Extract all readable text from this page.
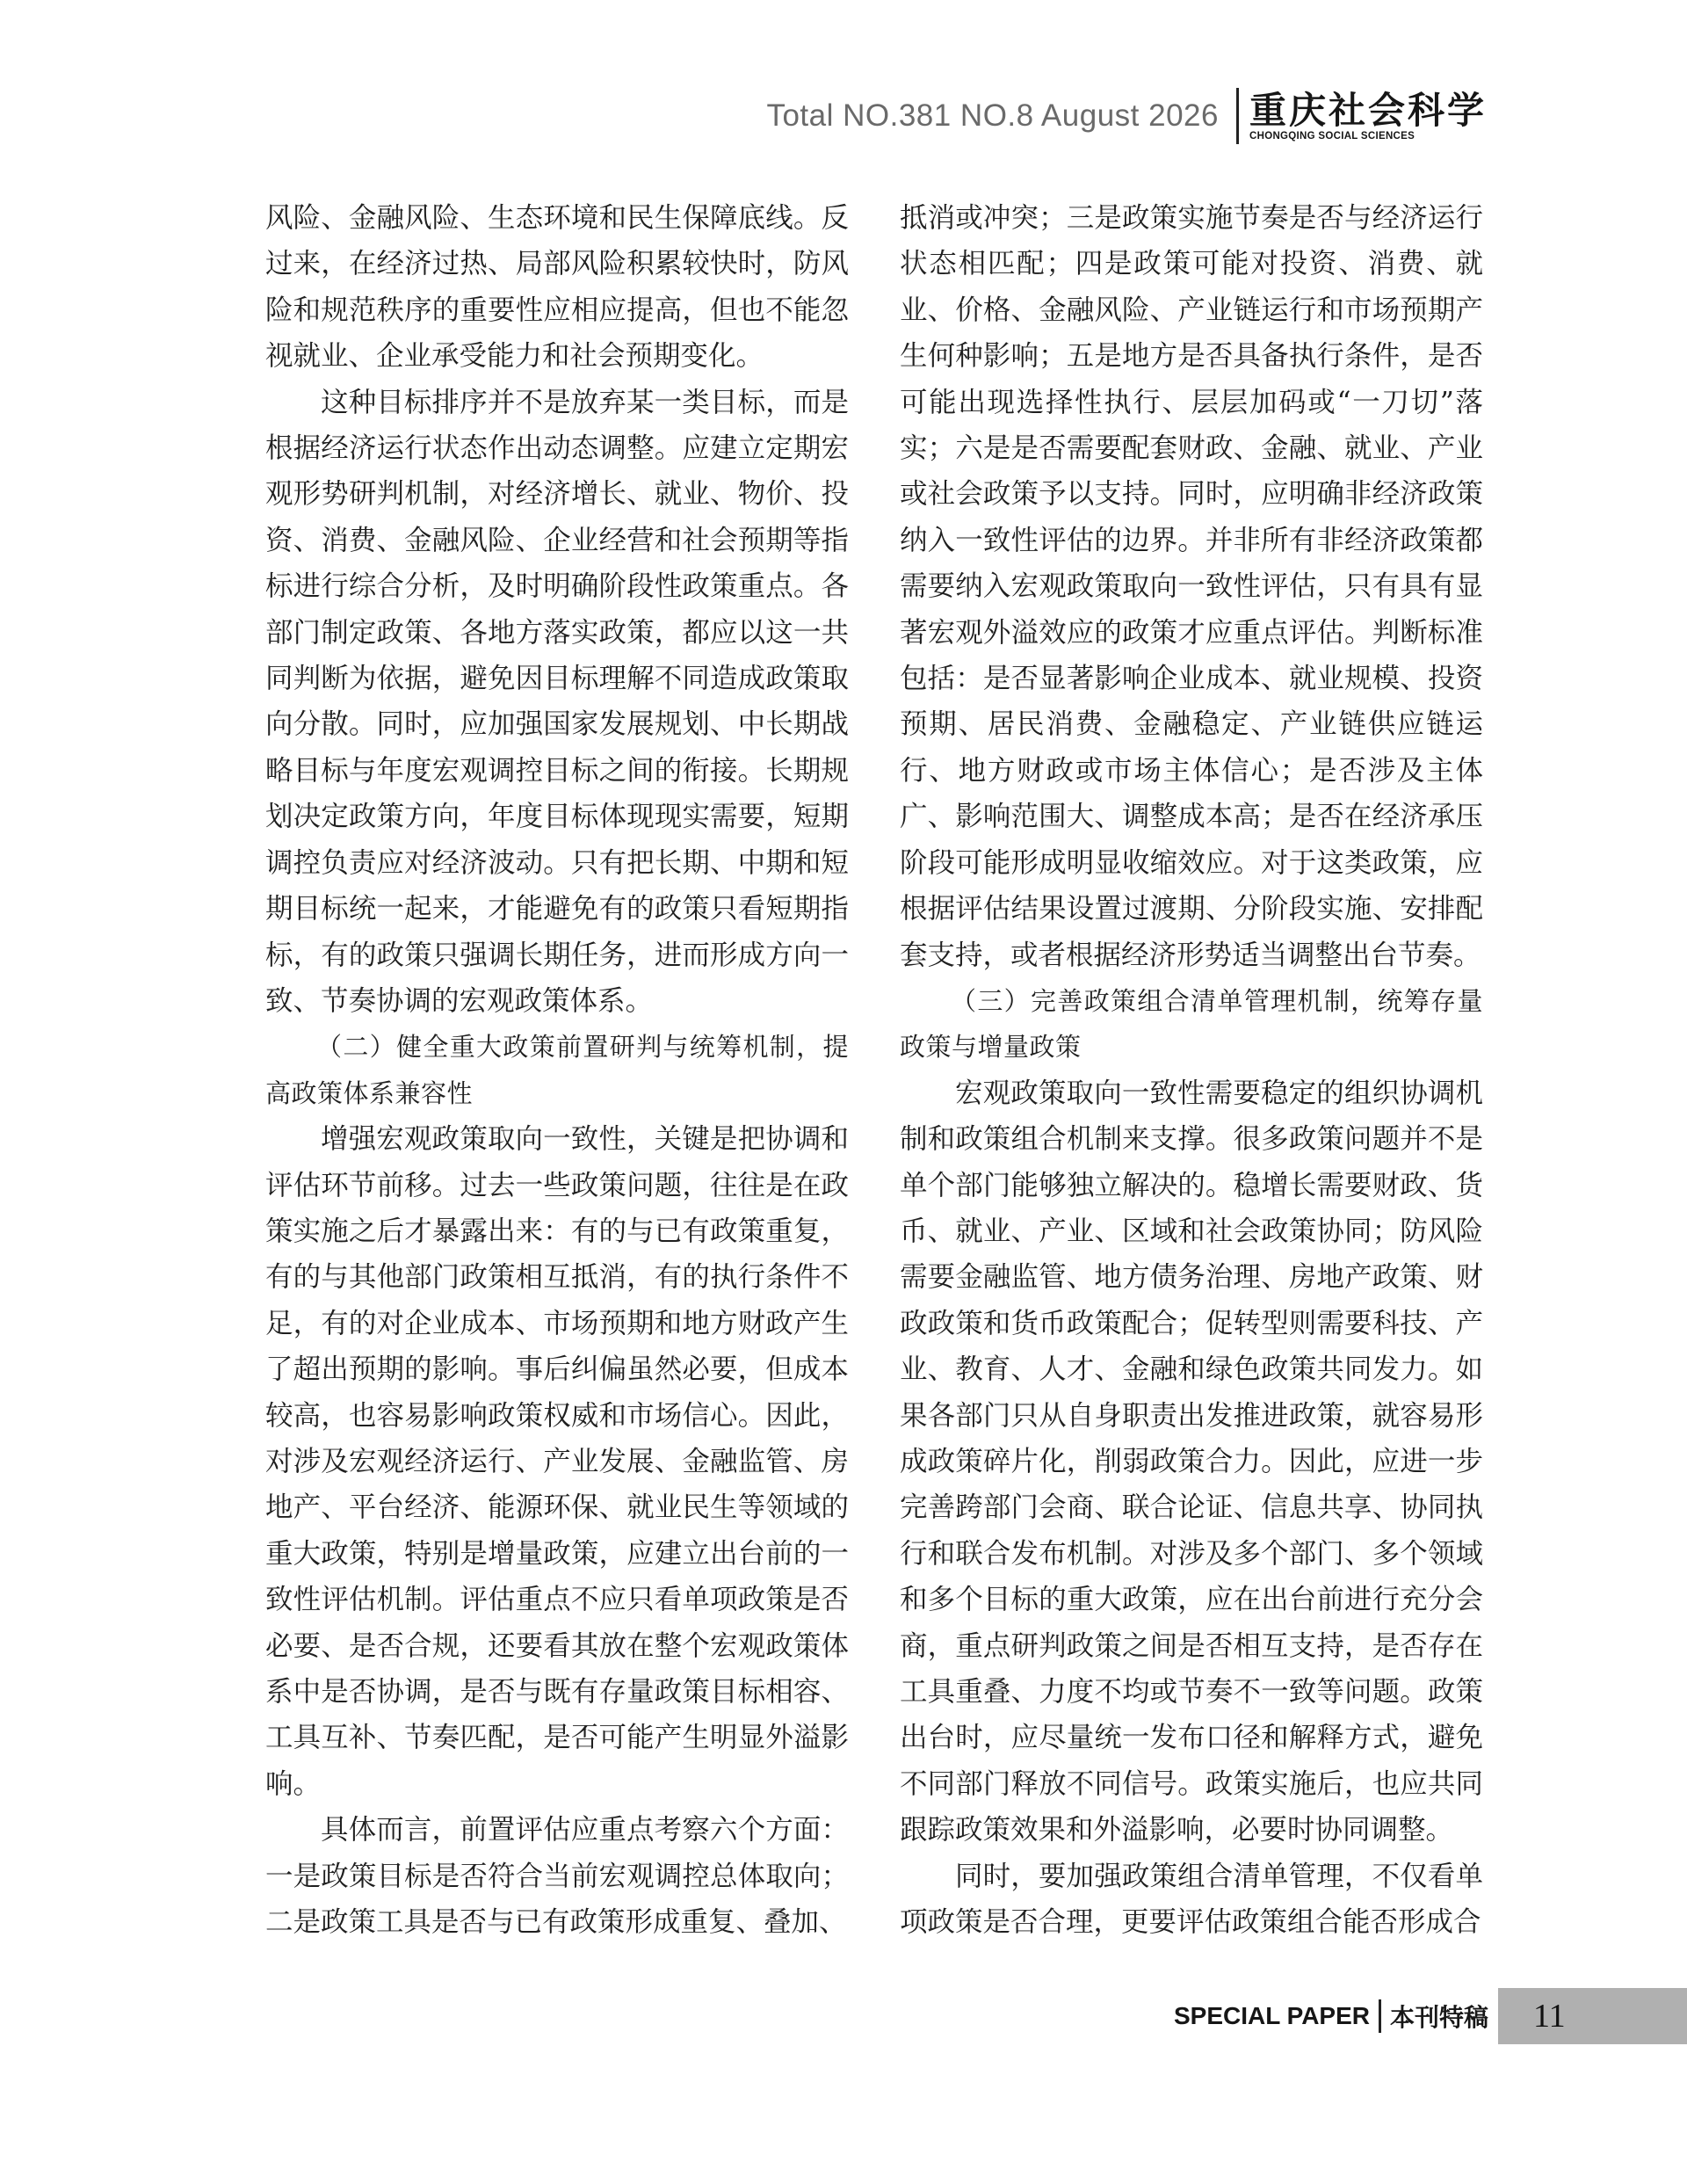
Total NO.381 NO.8 August 2026 重庆社会科学
CHONGQING SOCIAL SCIENCES

风险、金融风险、生态环境和民生保障底线。反过来，在经济过热、局部风险积累较快时，防风险和规范秩序的重要性应相应提高，但也不能忽视就业、企业承受能力和社会预期变化。

这种目标排序并不是放弃某一类目标，而是根据经济运行状态作出动态调整。应建立定期宏观形势研判机制，对经济增长、就业、物价、投资、消费、金融风险、企业经营和社会预期等指标进行综合分析，及时明确阶段性政策重点。各部门制定政策、各地方落实政策，都应以这一共同判断为依据，避免因目标理解不同造成政策取向分散。同时，应加强国家发展规划、中长期战略目标与年度宏观调控目标之间的衔接。长期规划决定政策方向，年度目标体现现实需要，短期调控负责应对经济波动。只有把长期、中期和短期目标统一起来，才能避免有的政策只看短期指标，有的政策只强调长期任务，进而形成方向一致、节奏协调的宏观政策体系。

（二）健全重大政策前置研判与统筹机制，提高政策体系兼容性

增强宏观政策取向一致性，关键是把协调和评估环节前移。过去一些政策问题，往往是在政策实施之后才暴露出来：有的与已有政策重复，有的与其他部门政策相互抵消，有的执行条件不足，有的对企业成本、市场预期和地方财政产生了超出预期的影响。事后纠偏虽然必要，但成本较高，也容易影响政策权威和市场信心。因此，对涉及宏观经济运行、产业发展、金融监管、房地产、平台经济、能源环保、就业民生等领域的重大政策，特别是增量政策，应建立出台前的一致性评估机制。评估重点不应只看单项政策是否必要、是否合规，还要看其放在整个宏观政策体系中是否协调，是否与既有存量政策目标相容、工具互补、节奏匹配，是否可能产生明显外溢影响。

具体而言，前置评估应重点考察六个方面：一是政策目标是否符合当前宏观调控总体取向；二是政策工具是否与已有政策形成重复、叠加、

抵消或冲突；三是政策实施节奏是否与经济运行状态相匹配；四是政策可能对投资、消费、就业、价格、金融风险、产业链运行和市场预期产生何种影响；五是地方是否具备执行条件，是否可能出现选择性执行、层层加码或“一刀切”落实；六是是否需要配套财政、金融、就业、产业或社会政策予以支持。同时，应明确非经济政策纳入一致性评估的边界。并非所有非经济政策都需要纳入宏观政策取向一致性评估，只有具有显著宏观外溢效应的政策才应重点评估。判断标准包括：是否显著影响企业成本、就业规模、投资预期、居民消费、金融稳定、产业链供应链运行、地方财政或市场主体信心；是否涉及主体广、影响范围大、调整成本高；是否在经济承压阶段可能形成明显收缩效应。对于这类政策，应根据评估结果设置过渡期、分阶段实施、安排配套支持，或者根据经济形势适当调整出台节奏。

（三）完善政策组合清单管理机制，统筹存量政策与增量政策

宏观政策取向一致性需要稳定的组织协调机制和政策组合机制来支撑。很多政策问题并不是单个部门能够独立解决的。稳增长需要财政、货币、就业、产业、区域和社会政策协同；防风险需要金融监管、地方债务治理、房地产政策、财政政策和货币政策配合；促转型则需要科技、产业、教育、人才、金融和绿色政策共同发力。如果各部门只从自身职责出发推进政策，就容易形成政策碎片化，削弱政策合力。因此，应进一步完善跨部门会商、联合论证、信息共享、协同执行和联合发布机制。对涉及多个部门、多个领域和多个目标的重大政策，应在出台前进行充分会商，重点研判政策之间是否相互支持，是否存在工具重叠、力度不均或节奏不一致等问题。政策出台时，应尽量统一发布口径和解释方式，避免不同部门释放不同信号。政策实施后，也应共同跟踪政策效果和外溢影响，必要时协同调整。

同时，要加强政策组合清单管理，不仅看单项政策是否合理，更要评估政策组合能否形成合

SPECIAL PAPER 本刊特稿 11
